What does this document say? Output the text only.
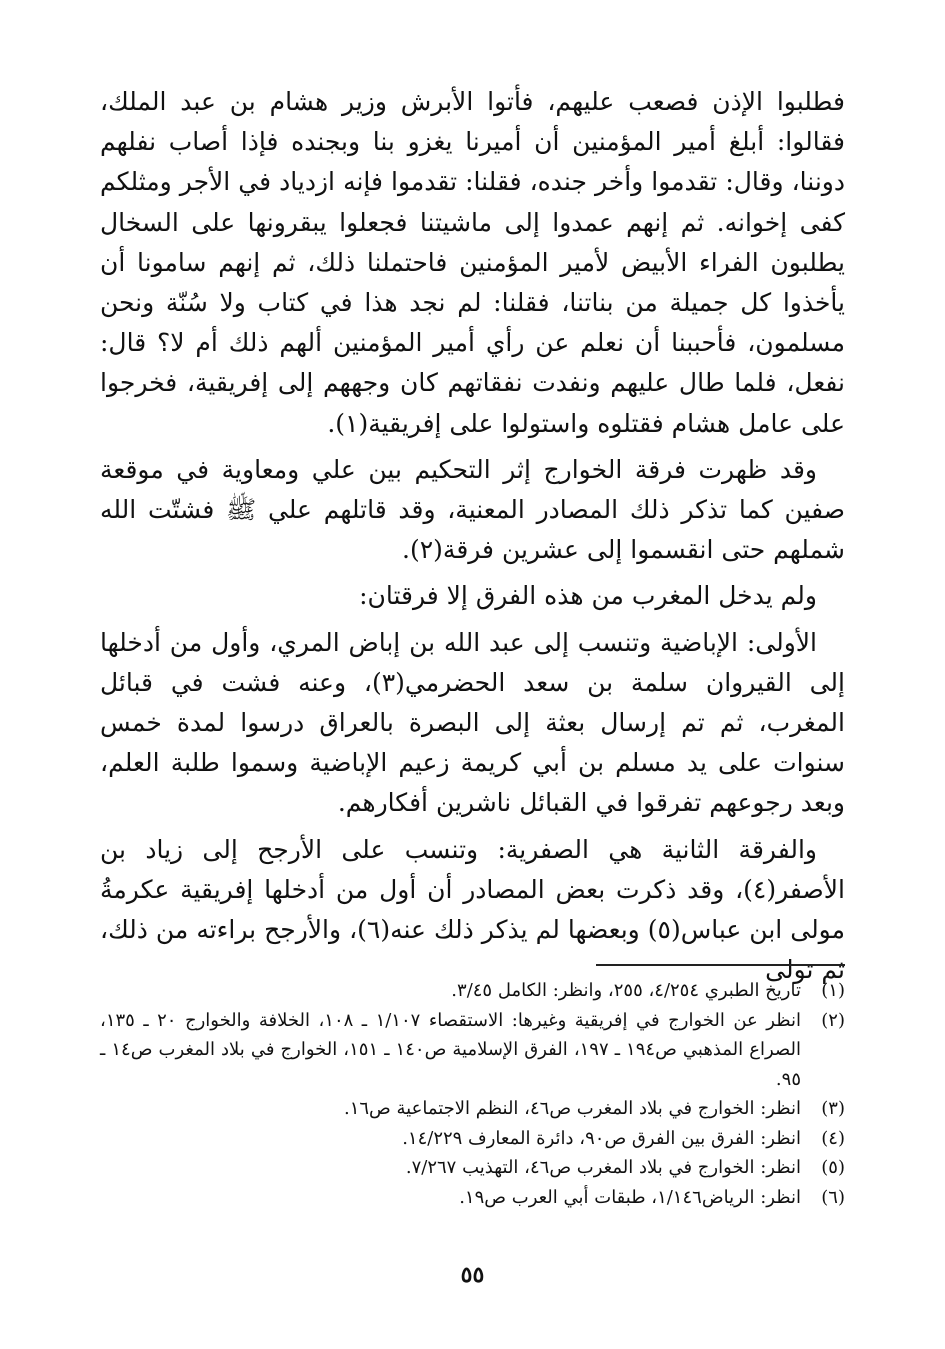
فطلبوا الإذن فصعب عليهم، فأتوا الأبرش وزير هشام بن عبد الملك، فقالوا: أبلغ أمير المؤمنين أن أميرنا يغزو بنا وبجنده فإذا أصاب نفلهم دوننا، وقال: تقدموا وأخر جنده، فقلنا: تقدموا فإنه ازدياد في الأجر ومثلكم كفى إخوانه. ثم إنهم عمدوا إلى ماشيتنا فجعلوا يبقرونها على السخال يطلبون الفراء الأبيض لأمير المؤمنين فاحتملنا ذلك، ثم إنهم سامونا أن يأخذوا كل جميلة من بناتنا، فقلنا: لم نجد هذا في كتاب ولا سُنّة ونحن مسلمون، فأحببنا أن نعلم عن رأي أمير المؤمنين ألهم ذلك أم لا؟ قال: نفعل، فلما طال عليهم ونفدت نفقاتهم كان وجههم إلى إفريقية، فخرجوا على عامل هشام فقتلوه واستولوا على إفريقية(١).

وقد ظهرت فرقة الخوارج إثر التحكيم بين علي ومعاوية في موقعة صفين كما تذكر ذلك المصادر المعنية، وقد قاتلهم علي ﷺ فشتّت الله شملهم حتى انقسموا إلى عشرين فرقة(٢).

ولم يدخل المغرب من هذه الفرق إلا فرقتان:

الأولى: الإباضية وتنسب إلى عبد الله بن إباض المري، وأول من أدخلها إلى القيروان سلمة بن سعد الحضرمي(٣)، وعنه فشت في قبائل المغرب، ثم تم إرسال بعثة إلى البصرة بالعراق درسوا لمدة خمس سنوات على يد مسلم بن أبي كريمة زعيم الإباضية وسموا طلبة العلم، وبعد رجوعهم تفرقوا في القبائل ناشرين أفكارهم.

والفرقة الثانية هي الصفرية: وتنسب على الأرجح إلى زياد بن الأصفر(٤)، وقد ذكرت بعض المصادر أن أول من أدخلها إفريقية عكرمةُ مولى ابن عباس(٥) وبعضها لم يذكر ذلك عنه(٦)، والأرجح براءته من ذلك، ثم تولى

(١)
تاريخ الطبري ٤/٢٥٤، ٢٥٥، وانظر: الكامل ٣/٤٥.

(٢)
انظر عن الخوارج في إفريقية وغيرها: الاستقصاء ١/١٠٧ ـ ١٠٨، الخلافة والخوارج ٢٠ ـ ١٣٥، الصراع المذهبي ص١٩٤ ـ ١٩٧، الفرق الإسلامية ص١٤٠ ـ ١٥١، الخوارج في بلاد المغرب ص١٤ ـ ٩٥.

(٣)
انظر: الخوارج في بلاد المغرب ص٤٦، النظم الاجتماعية ص١٦.

(٤)
انظر: الفرق بين الفرق ص٩٠، دائرة المعارف ١٤/٢٢٩.

(٥)
انظر: الخوارج في بلاد المغرب ص٤٦، التهذيب ٧/٢٦٧.

(٦)
انظر: الرياض١/١٤٦، طبقات أبي العرب ص١٩.

٥٥
